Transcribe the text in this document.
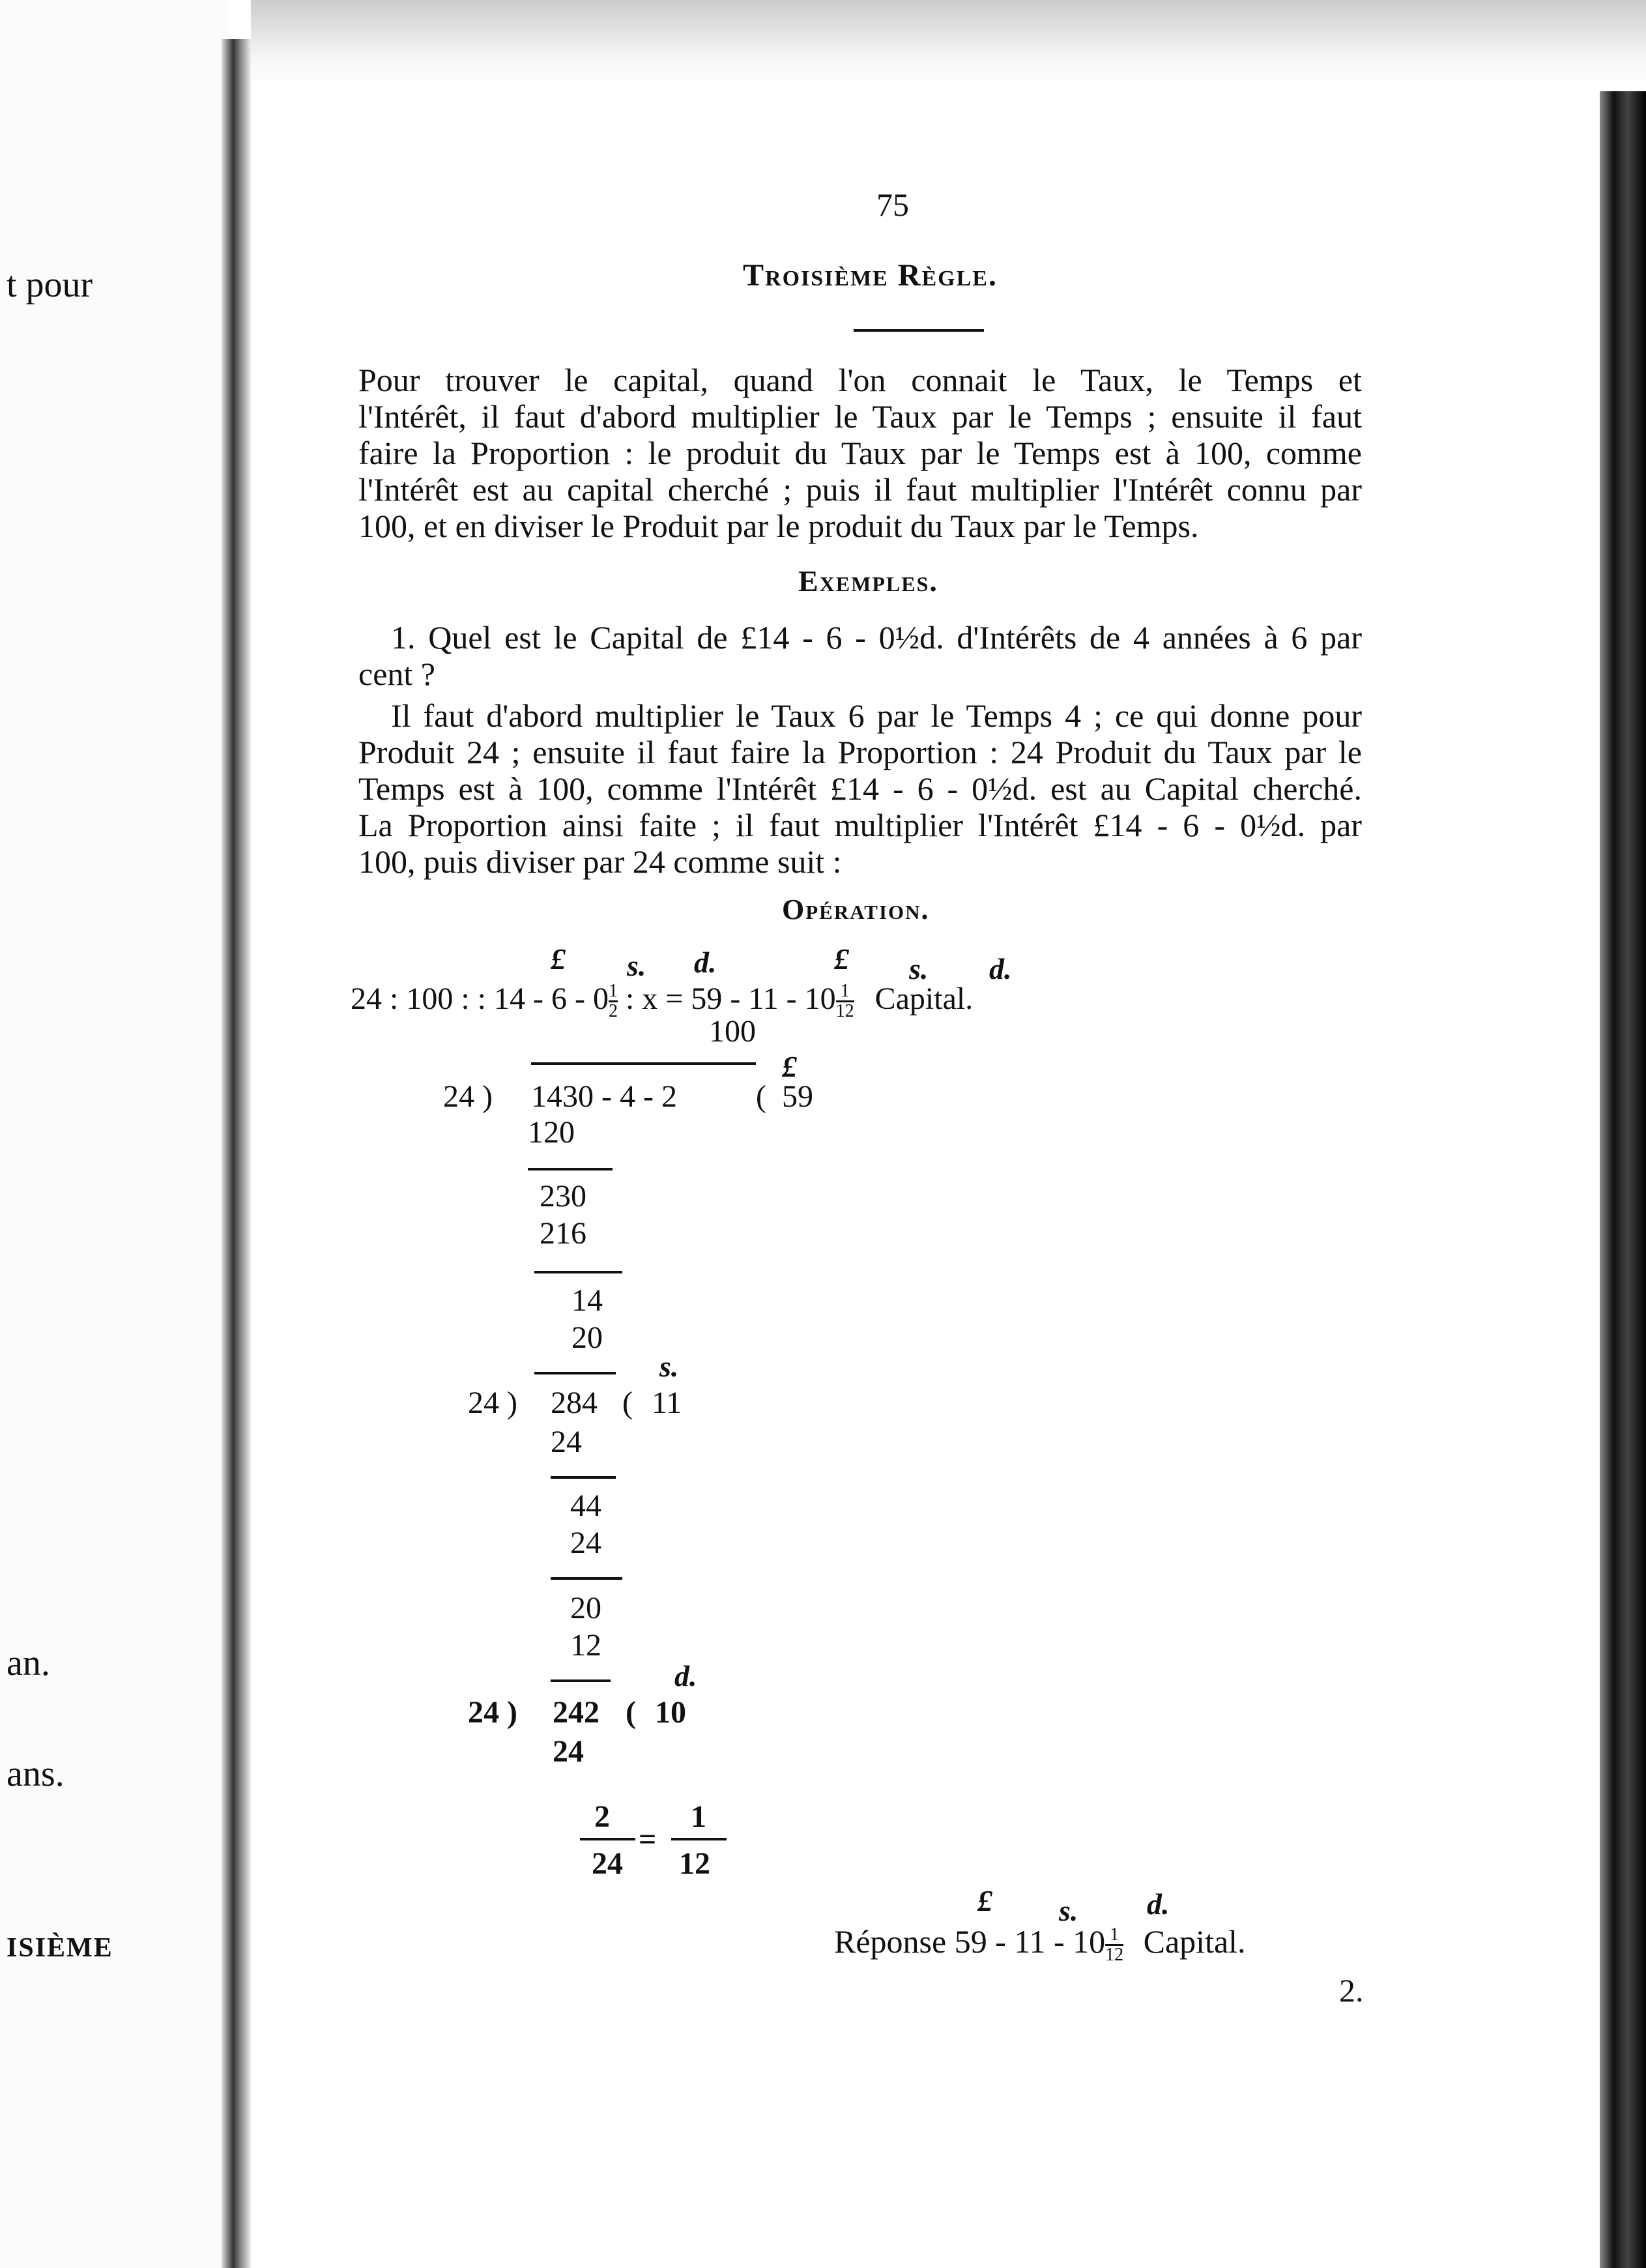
t pour
an.
ans.
ISIÈME
75
Troisième Règle.
Pour trouver le capital, quand l'on connait le Taux, le Temps et
l'Intérêt, il faut d'abord multiplier le Taux par le Temps ; ensuite il faut
faire la Proportion : le produit du Taux par le Temps est à 100, comme
l'Intérêt est au capital cherché ; puis il faut multiplier l'Intérêt connu par
100, et en diviser le Produit par le produit du Taux par le Temps.
Exemples.
1. Quel est le Capital de £14 - 6 - 0½d. d'Intérêts de 4 années à 6 par
cent ?
Il faut d'abord multiplier le Taux 6 par le Temps 4 ; ce qui donne pour
Produit 24 ; ensuite il faut faire la Proportion : 24 Produit du Taux par le
Temps est à 100, comme l'Intérêt £14 - 6 - 0½d. est au Capital cherché.
La Proportion ainsi faite ; il faut multiplier l'Intérêt £14 - 6 - 0½d. par
100, puis diviser par 24 comme suit :
Opération.
£ s. d.	£ s. d.
24 : 100 : : $14 - 6 - 0 \frac{1}{2}$ : $x = 59 - 11 - 10 \frac{1}{12}$ Capital.
100
£
24 ) 1430 - 4 - 2	( 59
120
230
216
14
20
s.
24 ) 284 ( 11
24
44
24
20
12
d.
24 ) 242 ( 10
24
2
24
=
1
12
£ s. d.
Réponse $59 - 11 - 10 \frac{1}{12}$ Capital.
2.
